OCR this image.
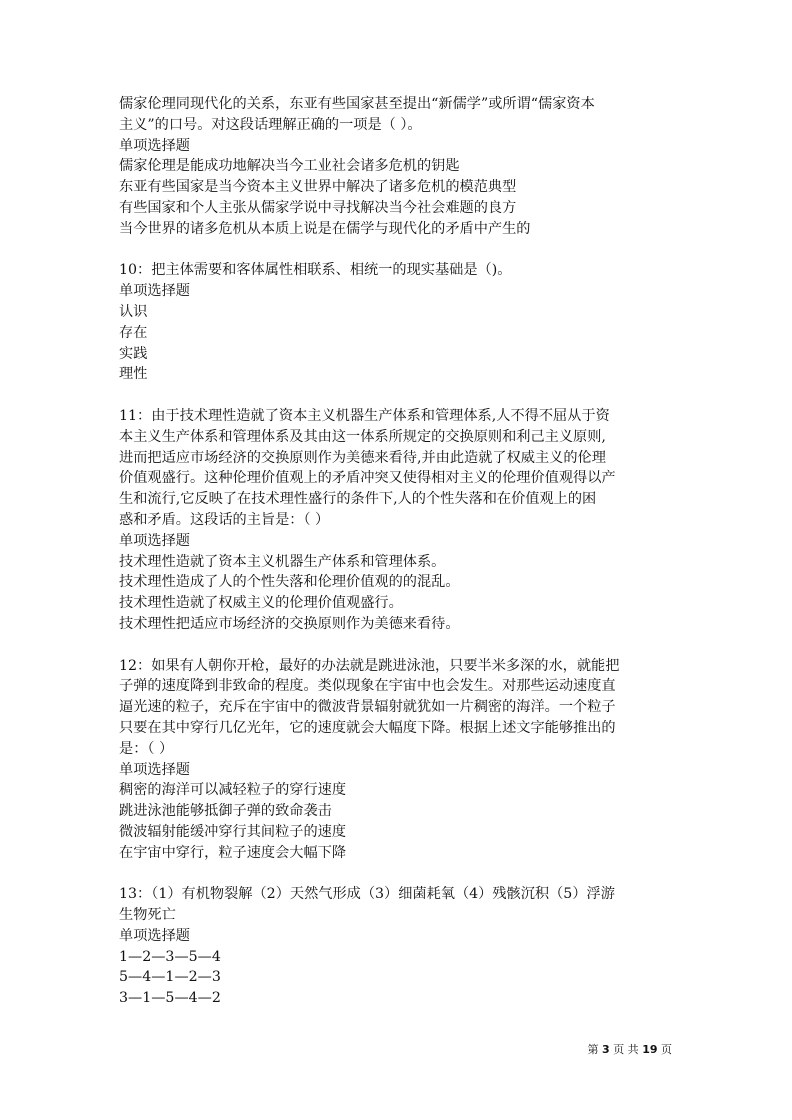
儒家伦理同现代化的关系，东亚有些国家甚至提出“新儒学”或所谓“儒家资本
主义”的口号。对这段话理解正确的一项是（ ）。
单项选择题
儒家伦理是能成功地解决当今工业社会诸多危机的钥匙
东亚有些国家是当今资本主义世界中解决了诸多危机的模范典型
有些国家和个人主张从儒家学说中寻找解决当今社会难题的良方
当今世界的诸多危机从本质上说是在儒学与现代化的矛盾中产生的
10：把主体需要和客体属性相联系、相统一的现实基础是（)。
单项选择题
认识
存在
实践
理性
11：由于技术理性造就了资本主义机器生产体系和管理体系,人不得不屈从于资
本主义生产体系和管理体系及其由这一体系所规定的交换原则和利己主义原则,
进而把适应市场经济的交换原则作为美德来看待,并由此造就了权威主义的伦理
价值观盛行。这种伦理价值观上的矛盾冲突又使得相对主义的伦理价值观得以产
生和流行,它反映了在技术理性盛行的条件下,人的个性失落和在价值观上的困
惑和矛盾。这段话的主旨是：（ ）
单项选择题
技术理性造就了资本主义机器生产体系和管理体系。
技术理性造成了人的个性失落和伦理价值观的的混乱。
技术理性造就了权威主义的伦理价值观盛行。
技术理性把适应市场经济的交换原则作为美德来看待。
12：如果有人朝你开枪，最好的办法就是跳进泳池，只要半米多深的水，就能把
子弹的速度降到非致命的程度。类似现象在宇宙中也会发生。对那些运动速度直
逼光速的粒子，充斥在宇宙中的微波背景辐射就犹如一片稠密的海洋。一个粒子
只要在其中穿行几亿光年，它的速度就会大幅度下降。根据上述文字能够推出的
是：（ ）
单项选择题
稠密的海洋可以减轻粒子的穿行速度
跳进泳池能够抵御子弹的致命袭击
微波辐射能缓冲穿行其间粒子的速度
在宇宙中穿行，粒子速度会大幅下降
13：（1）有机物裂解（2）天然气形成（3）细菌耗氧（4）残骸沉积（5）浮游
生物死亡
单项选择题
1—2—3—5—4
5—4—1—2—3
3—1—5—4—2
第 3 页 共 19 页
